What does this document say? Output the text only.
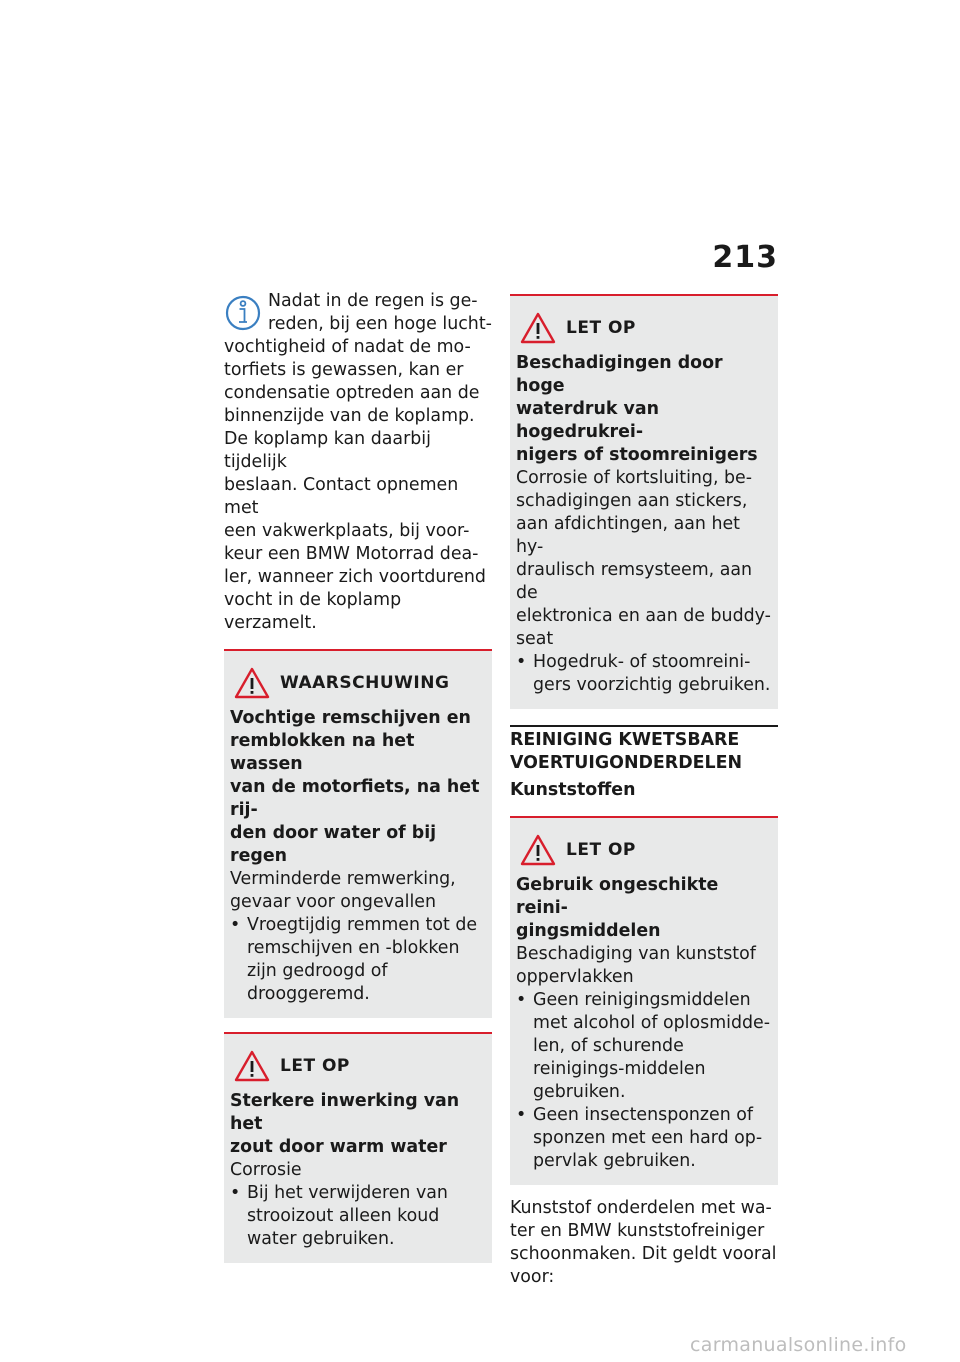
213

Nadat in de regen is ge-

reden, bij een hoge lucht-

vochtigheid of nadat de mo-

torfiets is gewassen, kan er

condensatie optreden aan de

binnenzijde van de koplamp.

De koplamp kan daarbij tijdelijk

beslaan. Contact opnemen met

een vakwerkplaats, bij voor-

keur een BMW Motorrad dea-

ler, wanneer zich voortdurend

vocht in de koplamp verzamelt.

WAARSCHUWING

Vochtige remschijven en

remblokken na het wassen

van de motorfiets, na het rij-

den door water of bij regen

Verminderde remwerking,

gevaar voor ongevallen

• Vroegtijdig remmen tot de remschijven en -blokken zijn gedroogd of drooggeremd.
LET OP

Sterkere inwerking van het

zout door warm water

Corrosie

• Bij het verwijderen van strooizout alleen koud water gebruiken.
LET OP

Beschadigingen door hoge

waterdruk van hogedrukrei-

nigers of stoomreinigers

Corrosie of kortsluiting, be-

schadigingen aan stickers,

aan afdichtingen, aan het hy-

draulisch remsysteem, aan de

elektronica en aan de buddy-

seat

• Hogedruk- of stoomreini-gers voorzichtig gebruiken.
REINIGING KWETSBARE
VOERTUIGONDERDELEN
Kunststoffen
LET OP

Gebruik ongeschikte reini-

gingsmiddelen

Beschadiging van kunststof

oppervlakken

• Geen reinigingsmiddelen met alcohol of oplosmidde-len, of schurende reinigings-middelen gebruiken.
• Geen insectensponzen of sponzen met een hard op-pervlak gebruiken.

Kunststof onderdelen met wa-

ter en BMW kunststofreiniger

schoonmaken. Dit geldt vooral

voor:

carmanualsonline.info
